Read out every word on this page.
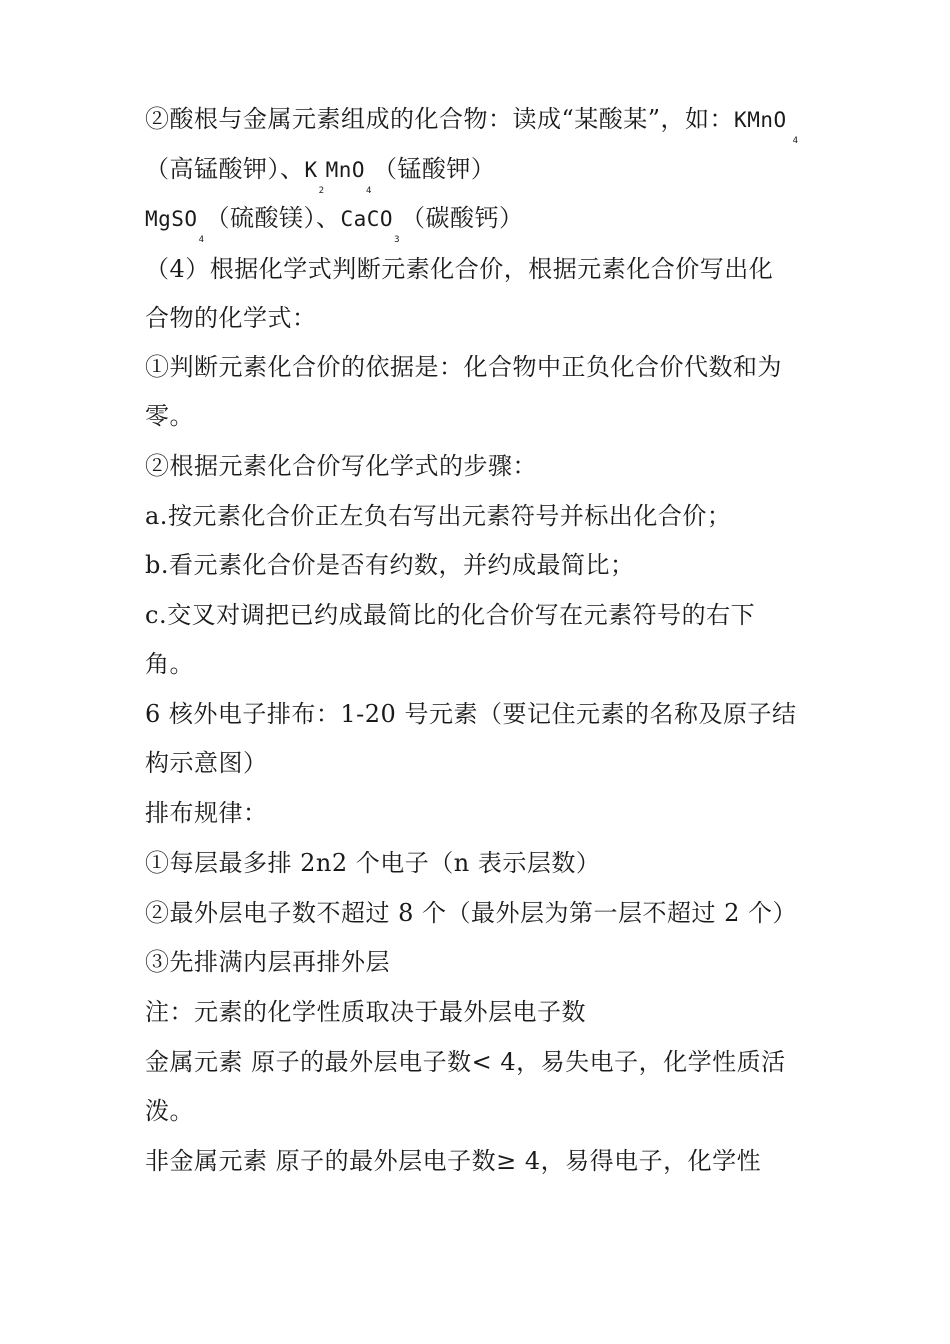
②酸根与金属元素组成的化合物：读成“某酸某”，如：KMnO$_4$
（高锰酸钾）、$K_2MnO_4$（锰酸钾）
MgSO$_4$（硫酸镁）、CaCO$_3$（碳酸钙）
（4）根据化学式判断元素化合价，根据元素化合价写出化
合物的化学式：
①判断元素化合价的依据是：化合物中正负化合价代数和为
零。
②根据元素化合价写化学式的步骤：
a.按元素化合价正左负右写出元素符号并标出化合价；
b.看元素化合价是否有约数，并约成最简比；
c.交叉对调把已约成最简比的化合价写在元素符号的右下
角。
6 核外电子排布：1-20 号元素（要记住元素的名称及原子结
构示意图）
排布规律：
①每层最多排 2n2 个电子（n 表示层数）
②最外层电子数不超过 8 个（最外层为第一层不超过 2 个）
③先排满内层再排外层
注：元素的化学性质取决于最外层电子数
金属元素 原子的最外层电子数< 4，易失电子，化学性质活
泼。
非金属元素 原子的最外层电子数≥ 4，易得电子，化学性
